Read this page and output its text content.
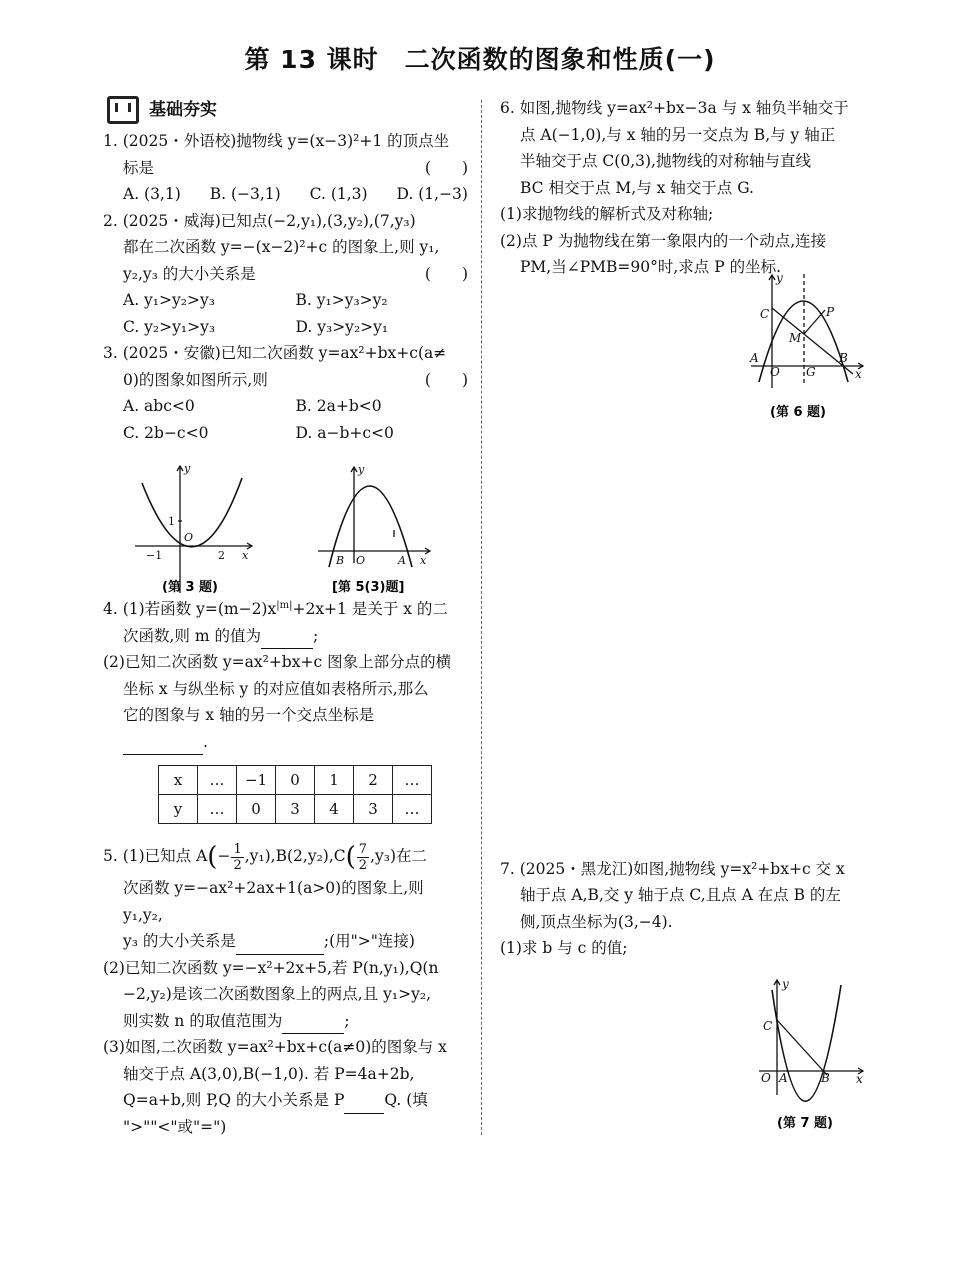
第 13 课时　二次函数的图象和性质(一)
基础夯实
1. (2025・外语校)抛物线 y=(x−3)²+1 的顶点坐
标是	(　　)
A. (3,1) B. (−3,1) C. (1,3) D. (1,−3)
2. (2025・威海)已知点(−2,y₁),(3,y₂),(7,y₃)
都在二次函数 y=−(x−2)²+c 的图象上,则 y₁,
y₂,y₃ 的大小关系是	(　　)
A. y₁>y₂>y₃	B. y₁>y₃>y₂
C. y₂>y₁>y₃	D. y₃>y₂>y₁
3. (2025・安徽)已知二次函数 y=ax²+bx+c(a≠
0)的图象如图所示,则	(　　)
A. abc<0	B. 2a+b<0
C. 2b−c<0	D. a−b+c<0
4. (1)若函数 $y=(m-2)x^{|m|}+2x+1$ 是关于 x 的二
次函数,则 m 的值为	;
(2)已知二次函数 y=ax²+bx+c 图象上部分点的横
坐标 x 与纵坐标 y 的对应值如表格所示,那么
它的图象与 x 轴的另一个交点坐标是
.
x	…	−1	0	1	2	…
y	…	0	3	4	3	…
5. (1)已知点 $A(- \frac{1}{2} ,y_1),B(2,y_2),C( \frac{7}{2} ,y_3)$在二
次函数 y=−ax²+2ax+1(a>0)的图象上,则 y₁,y₂,
y₃ 的大小关系是	;(用">"连接)
(2)已知二次函数 y=−x²+2x+5,若 P(n,y₁),Q(n
−2,y₂)是该二次函数图象上的两点,且 y₁>y₂,
则实数 n 的取值范围为	;
(3)如图,二次函数 y=ax²+bx+c(a≠0)的图象与 x
轴交于点 A(3,0),B(−1,0). 若 P=4a+2b,
Q=a+b,则 P,Q 的大小关系是 P	Q. (填
">""<"或"=")
y
x
O
1
−1	2
(第 3 题)
y
x
O
B	A
[第 5(3)题]
6. 如图,抛物线 y=ax²+bx−3a 与 x 轴负半轴交于
点 A(−1,0),与 x 轴的另一交点为 B,与 y 轴正
半轴交于点 C(0,3),抛物线的对称轴与直线
BC 相交于点 M,与 x 轴交于点 G.
(1)求抛物线的解析式及对称轴;
(2)点 P 为抛物线在第一象限内的一个动点,连接
PM,当∠PMB=90°时,求点 P 的坐标.
7. (2025・黑龙江)如图,抛物线 y=x²+bx+c 交 x
轴于点 A,B,交 y 轴于点 C,且点 A 在点 B 的左
侧,顶点坐标为(3,−4).
(1)求 b 与 c 的值;
y
x
O
A	B
C
M
P
G
(第 6 题)
y
x
O A	B
C
(第 7 题)
